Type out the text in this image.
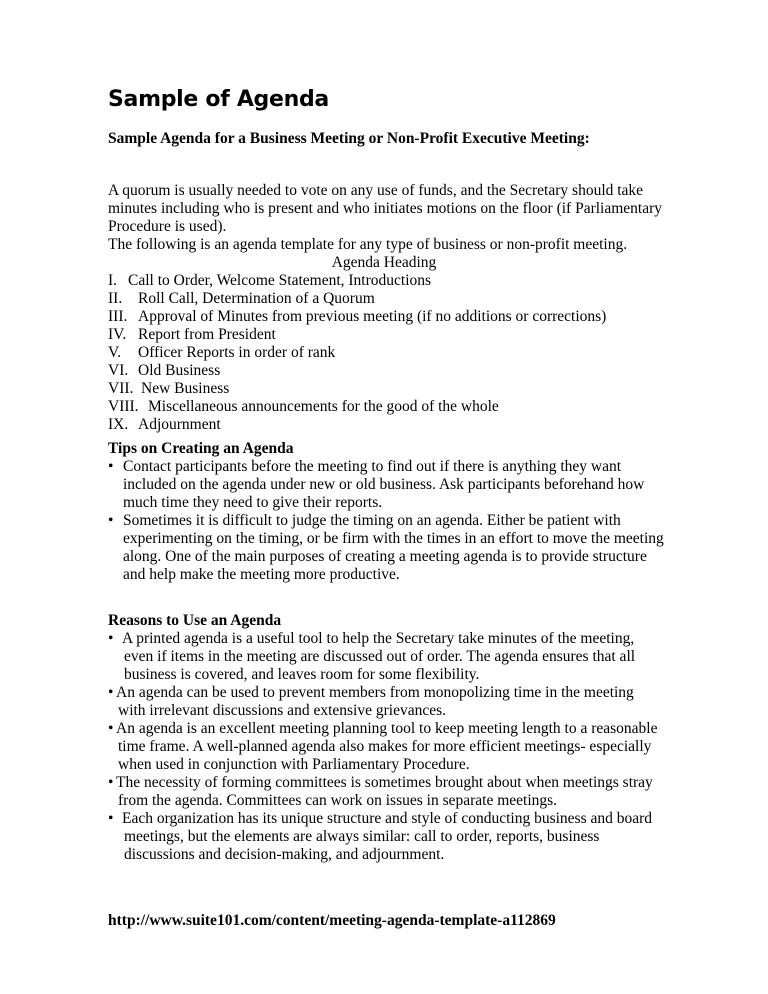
Sample of Agenda
Sample Agenda for a Business Meeting or Non-Profit Executive Meeting:

A quorum is usually needed to vote on any use of funds, and the Secretary should take
minutes including who is present and who initiates motions on the floor (if Parliamentary
Procedure is used).

The following is an agenda template for any type of business or non-profit meeting.

Agenda Heading
I. Call to Order, Welcome Statement, Introductions
II. Roll Call, Determination of a Quorum
III. Approval of Minutes from previous meeting (if no additions or corrections)
IV. Report from President
V. Officer Reports in order of rank
VI. Old Business
VII. New Business
VIII. Miscellaneous announcements for the good of the whole
IX. Adjournment
Tips on Creating an Agenda
• Contact participants before the meeting to find out if there is anything they want
included on the agenda under new or old business. Ask participants beforehand how
much time they need to give their reports.
• Sometimes it is difficult to judge the timing on an agenda. Either be patient with
experimenting on the timing, or be firm with the times in an effort to move the meeting
along. One of the main purposes of creating a meeting agenda is to provide structure
and help make the meeting more productive.
Reasons to Use an Agenda
• A printed agenda is a useful tool to help the Secretary take minutes of the meeting,
even if items in the meeting are discussed out of order. The agenda ensures that all
business is covered, and leaves room for some flexibility.
• An agenda can be used to prevent members from monopolizing time in the meeting
with irrelevant discussions and extensive grievances.
• An agenda is an excellent meeting planning tool to keep meeting length to a reasonable
time frame. A well-planned agenda also makes for more efficient meetings- especially
when used in conjunction with Parliamentary Procedure.
• The necessity of forming committees is sometimes brought about when meetings stray
from the agenda. Committees can work on issues in separate meetings.
• Each organization has its unique structure and style of conducting business and board
meetings, but the elements are always similar: call to order, reports, business
discussions and decision-making, and adjournment.
http://www.suite101.com/content/meeting-agenda-template-a112869
